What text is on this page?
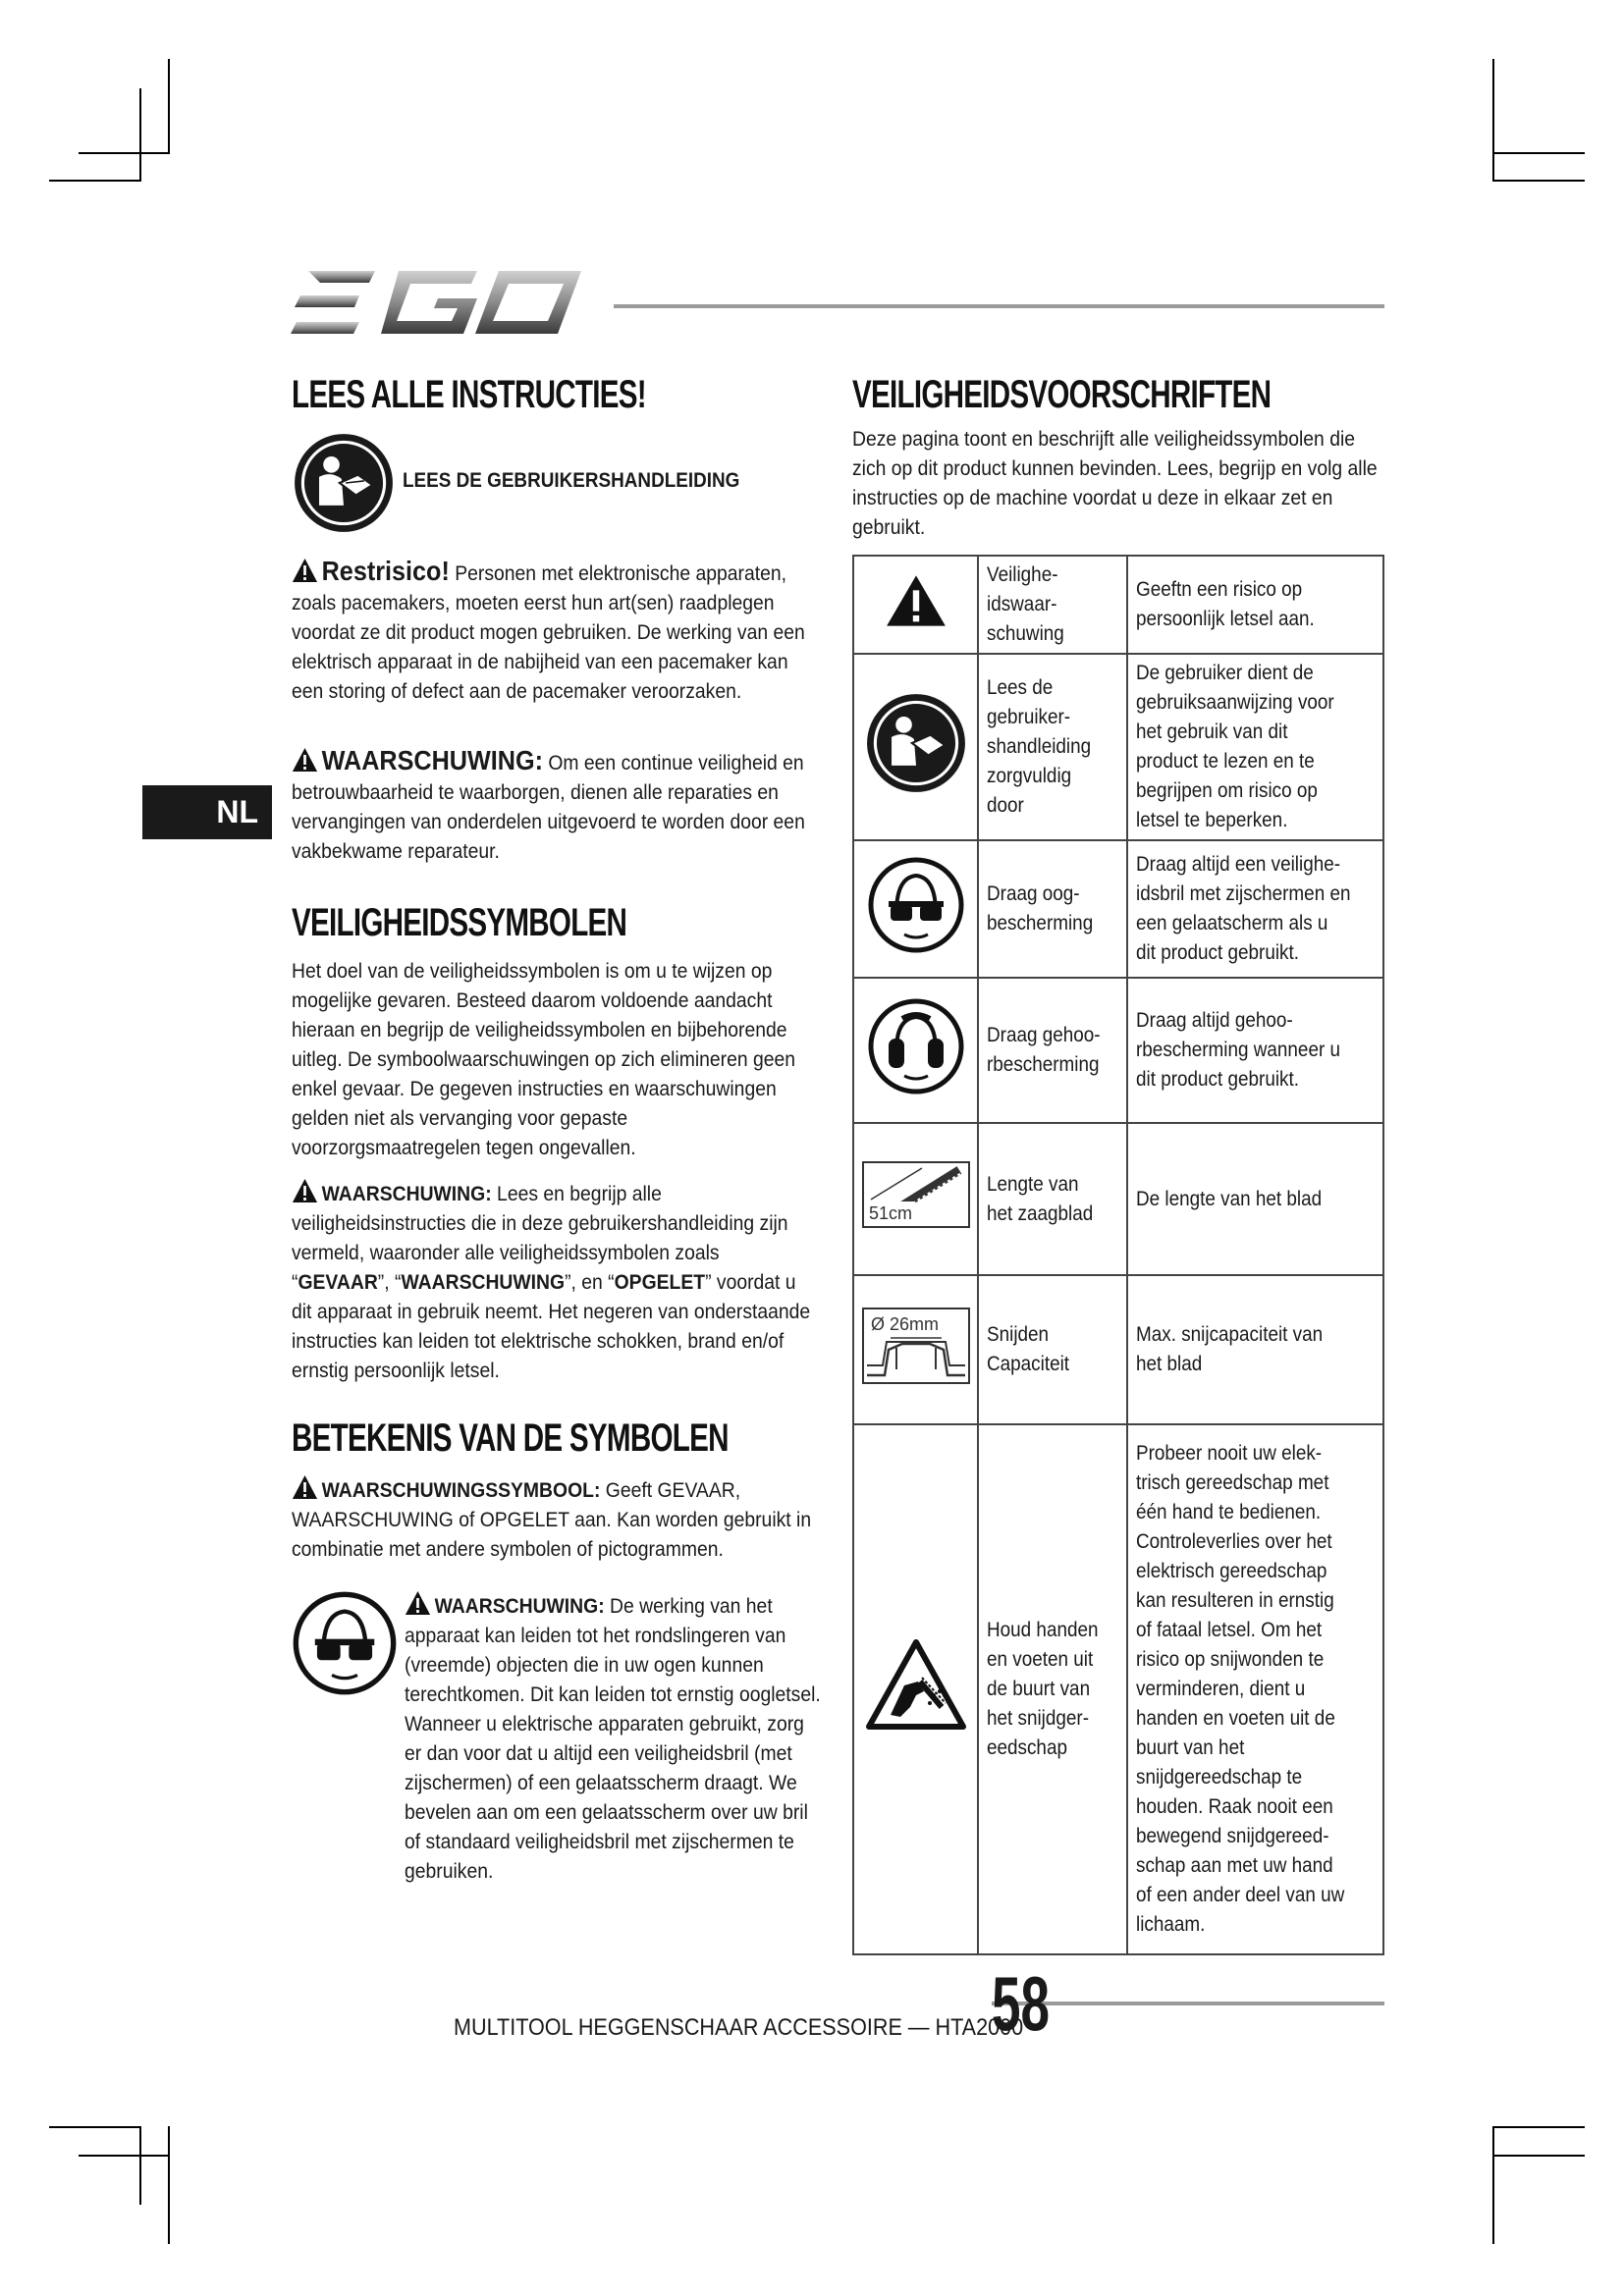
NL
LEES ALLE INSTRUCTIES!
LEES DE GEBRUIKERSHANDLEIDING
Restrisico! Personen met elektronische apparaten, zoals pacemakers, moeten eerst hun art(sen) raadplegen voordat ze dit product mogen gebruiken. De werking van een elektrisch apparaat in de nabijheid van een pacemaker kan een storing of defect aan de pacemaker veroorzaken.
WAARSCHUWING: Om een continue veiligheid en betrouwbaarheid te waarborgen, dienen alle reparaties en vervangingen van onderdelen uitgevoerd te worden door een vakbekwame reparateur.
VEILIGHEIDSSYMBOLEN
Het doel van de veiligheidssymbolen is om u te wijzen op mogelijke gevaren. Besteed daarom voldoende aandacht hieraan en begrijp de veiligheidssymbolen en bijbehorende uitleg. De symboolwaarschuwingen op zich elimineren geen enkel gevaar. De gegeven instructies en waarschuwingen gelden niet als vervanging voor gepaste voorzorgsmaatregelen tegen ongevallen.
WAARSCHUWING: Lees en begrijp alle veiligheidsinstructies die in deze gebruikershandleiding zijn vermeld, waaronder alle veiligheidssymbolen zoals “GEVAAR”, “WAARSCHUWING”, en “OPGELET” voordat u dit apparaat in gebruik neemt. Het negeren van onderstaande instructies kan leiden tot elektrische schokken, brand en/of ernstig persoonlijk letsel.
BETEKENIS VAN DE SYMBOLEN
WAARSCHUWINGSSYMBOOL: Geeft GEVAAR, WAARSCHUWING of OPGELET aan. Kan worden gebruikt in combinatie met andere symbolen of pictogrammen.
WAARSCHUWING: De werking van het apparaat kan leiden tot het rondslingeren van (vreemde) objecten die in uw ogen kunnen terechtkomen. Dit kan leiden tot ernstig oogletsel. Wanneer u elektrische apparaten gebruikt, zorg er dan voor dat u altijd een veiligheidsbril (met zijschermen) of een gelaatsscherm draagt. We bevelen aan om een gelaatsscherm over uw bril of standaard veiligheidsbril met zijschermen te gebruiken.
VEILIGHEIDSVOORSCHRIFTEN
Deze pagina toont en beschrijft alle veiligheidssymbolen die zich op dit product kunnen bevinden. Lees, begrijp en volg alle instructies op de machine voordat u deze in elkaar zet en gebruikt.

Veilighe-idswaar-schuwing	Geeftn een risico op persoonlijk letsel aan.

Lees de gebruiker-shandleiding zorgvuldig door	De gebruiker dient de gebruiksaanwijzing voor het gebruik van dit product te lezen en te begrijpen om risico op letsel te beperken.

Draag oog-bescherming	Draag altijd een veilighe-idsbril met zijschermen en een gelaatscherm als u dit product gebruikt.

Draag gehoo-rbescherming	Draag altijd gehoo-rbescherming wanneer u dit product gebruikt.

51cm	Lengte van het zaagblad	De lengte van het blad

Ø 26mm	Snijden Capaciteit	Max. snijcapaciteit van het blad

Houd handen en voeten uit de buurt van het snijdger-eedschap	Probeer nooit uw elek-trisch gereedschap met één hand te bedienen. Controleverlies over het elektrisch gereedschap kan resulteren in ernstig of fataal letsel. Om het risico op snijwonden te verminderen, dient u handen en voeten uit de buurt van het snijdgereedschap te houden. Raak nooit een bewegend snijdgereed-schap aan met uw hand of een ander deel van uw lichaam.
MULTITOOL HEGGENSCHAAR ACCESSOIRE — HTA2000
58
